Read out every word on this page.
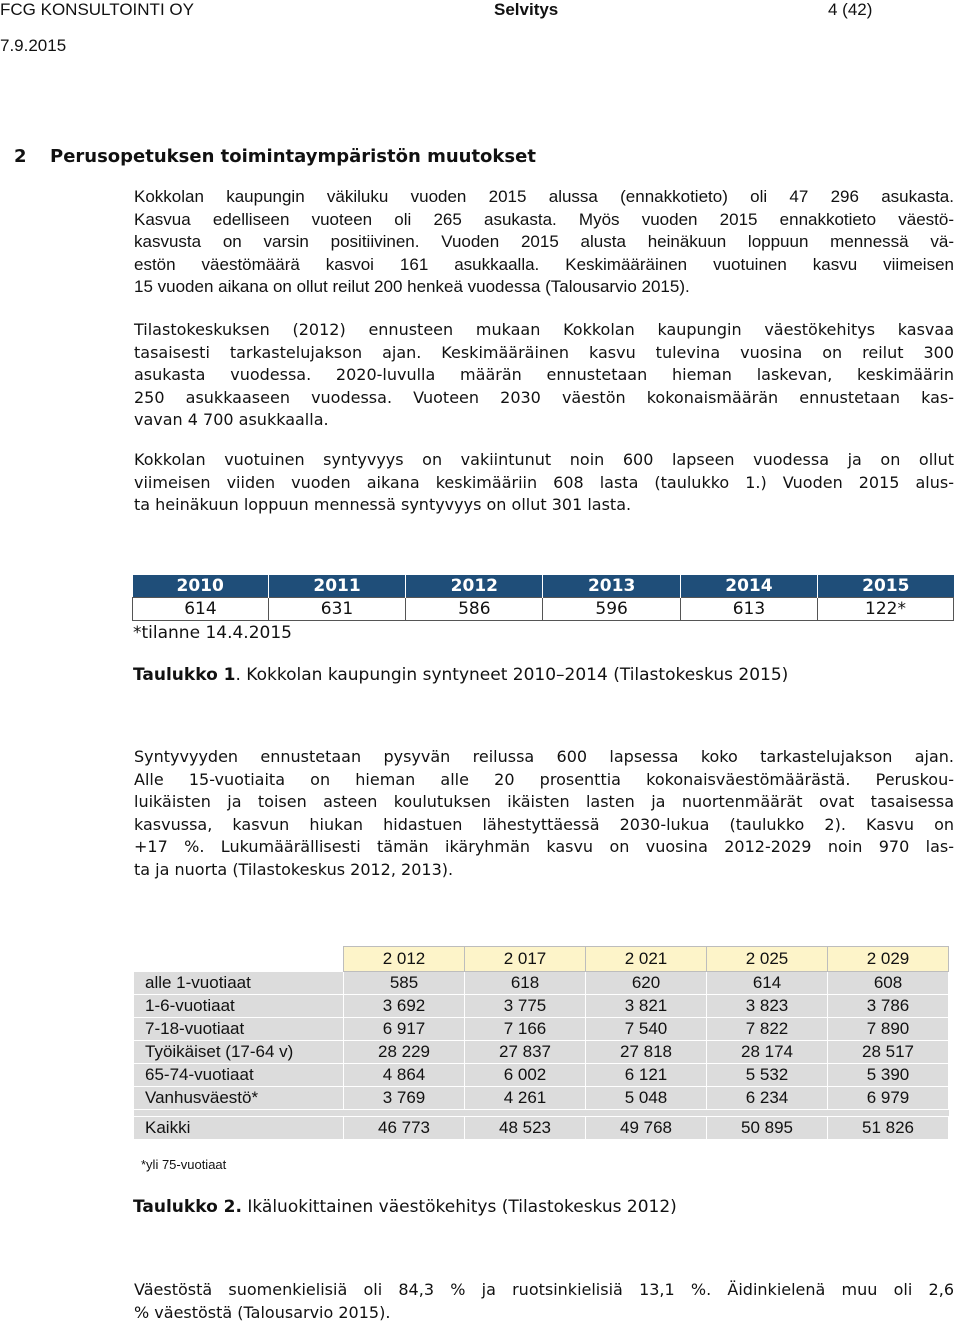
FCG KONSULTOINTI OY	Selvitys	4 (42)
7.9.2015
2 Perusopetuksen toimintaympäristön muutokset
Kokkolan kaupungin väkiluku vuoden 2015 alussa (ennakkotieto) oli 47 296 asukasta.
Kasvua edelliseen vuoteen oli 265 asukasta. Myös vuoden 2015 ennakkotieto väestö-
kasvusta on varsin positiivinen. Vuoden 2015 alusta heinäkuun loppuun mennessä vä-
estön väestömäärä kasvoi 161 asukkaalla. Keskimääräinen vuotuinen kasvu viimeisen
15 vuoden aikana on ollut reilut 200 henkeä vuodessa (Talousarvio 2015).
Tilastokeskuksen (2012) ennusteen mukaan Kokkolan kaupungin väestökehitys kasvaa
tasaisesti tarkastelujakson ajan. Keskimääräinen kasvu tulevina vuosina on reilut 300
asukasta vuodessa. 2020-luvulla määrän ennustetaan hieman laskevan, keskimäärin
250 asukkaaseen vuodessa. Vuoteen 2030 väestön kokonaismäärän ennustetaan kas-
vavan 4 700 asukkaalla.
Kokkolan vuotuinen syntyvyys on vakiintunut noin 600 lapseen vuodessa ja on ollut
viimeisen viiden vuoden aikana keskimääriin 608 lasta (taulukko 1.) Vuoden 2015 alus-
ta heinäkuun loppuun mennessä syntyvyys on ollut 301 lasta.
2010	2011	2012	2013	2014	2015
614	631	586	596	613	122*
*tilanne 14.4.2015
Taulukko 1. Kokkolan kaupungin syntyneet 2010–2014 (Tilastokeskus 2015)
Syntyvyyden ennustetaan pysyvän reilussa 600 lapsessa koko tarkastelujakson ajan.
Alle 15-vuotiaita on hieman alle 20 prosenttia kokonaisväestömäärästä. Peruskou-
luikäisten ja toisen asteen koulutuksen ikäisten lasten ja nuortenmäärät ovat tasaisessa
kasvussa, kasvun hiukan hidastuen lähestyttäessä 2030-lukua (taulukko 2). Kasvu on
+17 %. Lukumäärällisesti tämän ikäryhmän kasvu on vuosina 2012-2029 noin 970 las-
ta ja nuorta (Tilastokeskus 2012, 2013).
	2 012	2 017	2 021	2 025	2 029
alle 1-vuotiaat	585	618	620	614	608
1-6-vuotiaat	3 692	3 775	3 821	3 823	3 786
7-18-vuotiaat	6 917	7 166	7 540	7 822	7 890
Työikäiset (17-64 v)	28 229	27 837	27 818	28 174	28 517
65-74-vuotiaat	4 864	6 002	6 121	5 532	5 390
Vanhusväestö*	3 769	4 261	5 048	6 234	6 979

Kaikki	46 773	48 523	49 768	50 895	51 826
*yli 75-vuotiaat
Taulukko 2. Ikäluokittainen väestökehitys (Tilastokeskus 2012)
Väestöstä suomenkielisiä oli 84,3 % ja ruotsinkielisiä 13,1 %. Äidinkielenä muu oli 2,6
% väestöstä (Talousarvio 2015).
